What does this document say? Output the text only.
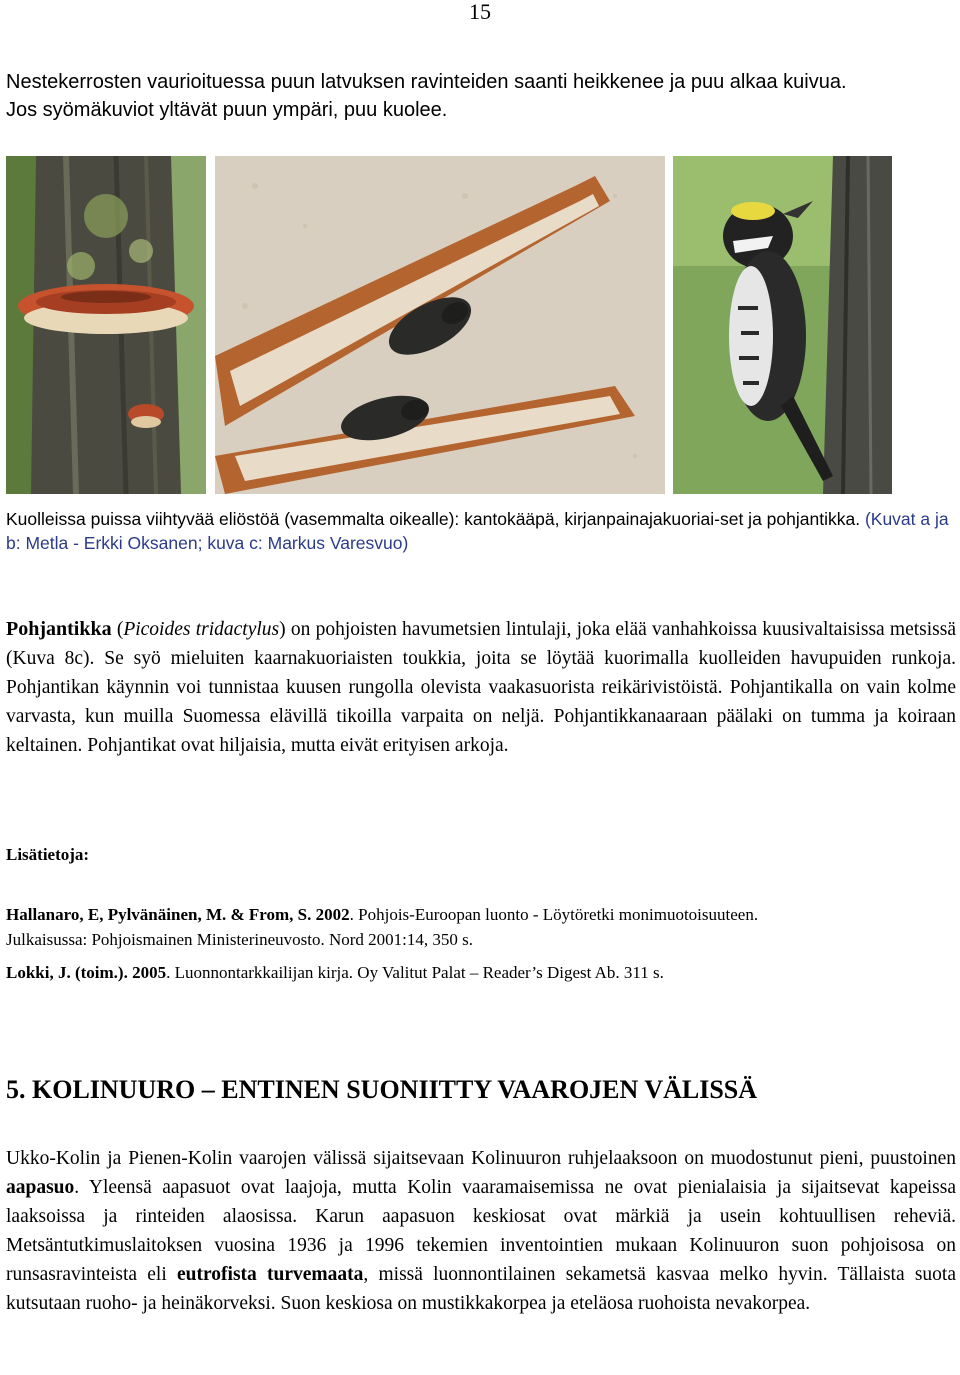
15
Nestekerrosten vaurioituessa puun latvuksen ravinteiden saanti heikkenee ja puu alkaa kuivua.
Jos syömäkuviot yltävät puun ympäri, puu kuolee.
Kuolleissa puissa viihtyvää eliöstöä (vasemmalta oikealle): kantokääpä, kirjanpainajakuoriai-set ja pohjantikka. (Kuvat a ja b: Metla - Erkki Oksanen; kuva c: Markus Varesvuo)
Pohjantikka (Picoides tridactylus) on pohjoisten havumetsien lintulaji, joka elää vanhahkoissa kuusivaltaisissa metsissä (Kuva 8c). Se syö mieluiten kaarnakuoriaisten toukkia, joita se löytää kuorimalla kuolleiden havupuiden runkoja. Pohjantikan käynnin voi tunnistaa kuusen rungolla olevista vaakasuorista reikärivistöistä. Pohjantikalla on vain kolme varvasta, kun muilla Suomessa elävillä tikoilla varpaita on neljä. Pohjantikkanaaraan päälaki on tumma ja koiraan keltainen. Pohjantikat ovat hiljaisia, mutta eivät erityisen arkoja.
Lisätietoja:
Hallanaro, E, Pylvänäinen, M. & From, S. 2002. Pohjois-Euroopan luonto - Löytöretki monimuotoisuuteen.
Julkaisussa: Pohjoismainen Ministerineuvosto. Nord 2001:14, 350 s.
Lokki, J. (toim.). 2005. Luonnontarkkailijan kirja. Oy Valitut Palat – Reader’s Digest Ab. 311 s.
5. KOLINUURO – ENTINEN SUONIITTY VAAROJEN VÄLISSÄ
Ukko-Kolin ja Pienen-Kolin vaarojen välissä sijaitsevaan Kolinuuron ruhjelaaksoon on muodostunut pieni, puustoinen aapasuo. Yleensä aapasuot ovat laajoja, mutta Kolin vaaramaisemissa ne ovat pienialaisia ja sijaitsevat kapeissa laaksoissa ja rinteiden alaosissa. Karun aapasuon keskiosat ovat märkiä ja usein kohtuullisen reheviä. Metsäntutkimuslaitoksen vuosina 1936 ja 1996 tekemien inventointien mukaan Kolinuuron suon pohjoisosa on runsasravinteista eli eutrofista turvemaata, missä luonnontilainen sekametsä kasvaa melko hyvin. Tällaista suota kutsutaan ruoho- ja heinäkorveksi. Suon keskiosa on mustikkakorpea ja eteläosa ruohoista nevakorpea.
